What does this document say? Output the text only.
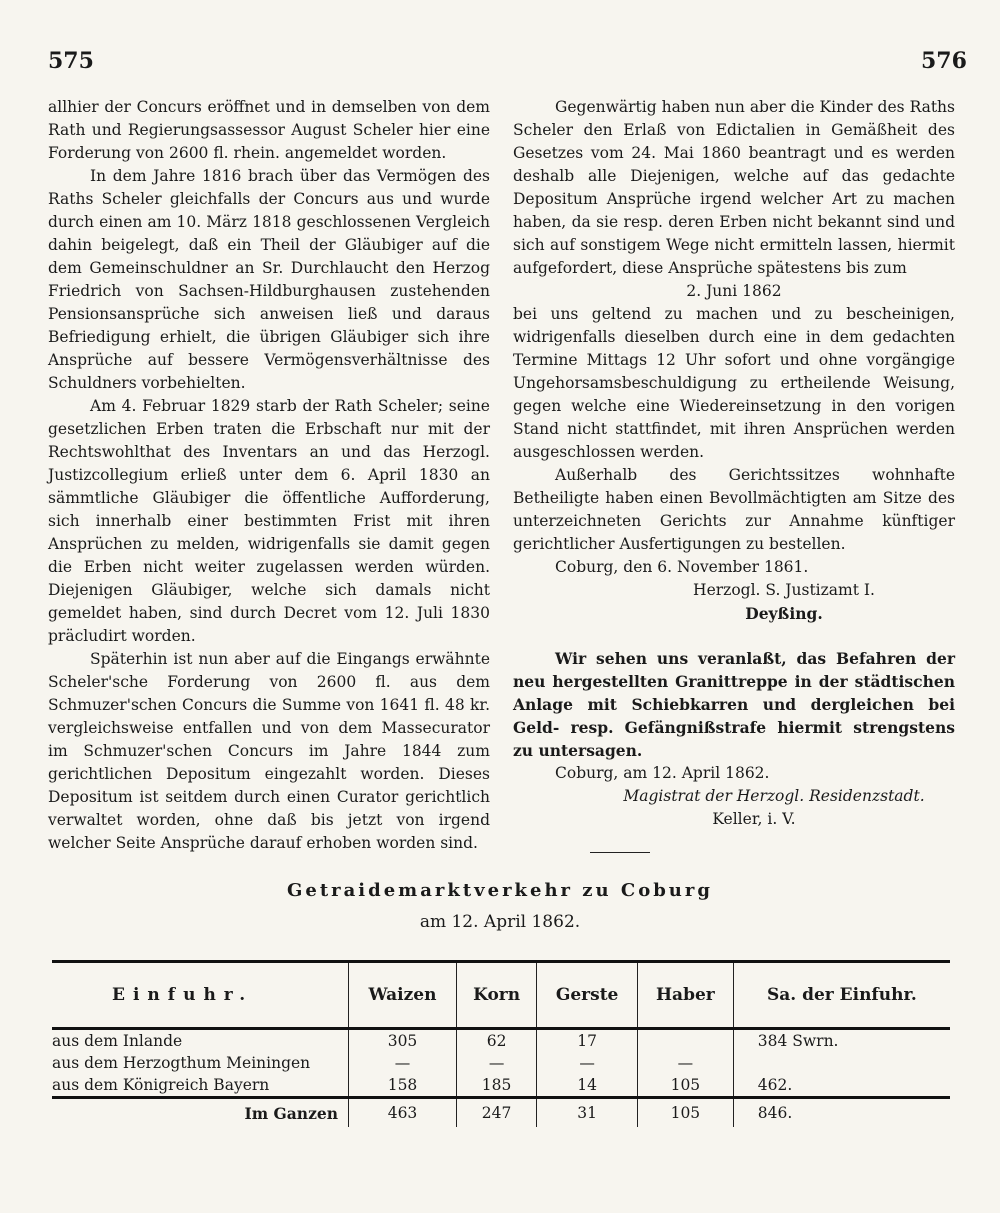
575	576

allhier der Concurs eröffnet und in demselben von dem Rath und Regierungsassessor August Scheler hier eine Forderung von 2600 fl. rhein. angemeldet worden.

In dem Jahre 1816 brach über das Vermögen des Raths Scheler gleichfalls der Concurs aus und wurde durch einen am 10. März 1818 geschlossenen Vergleich dahin beigelegt, daß ein Theil der Gläubiger auf die dem Gemeinschuldner an Sr. Durchlaucht den Herzog Friedrich von Sachsen-Hildburghausen zustehenden Pensionsansprüche sich anweisen ließ und daraus Befriedigung erhielt, die übrigen Gläubiger sich ihre Ansprüche auf bessere Vermögensverhältnisse des Schuldners vorbehielten.

Am 4. Februar 1829 starb der Rath Scheler; seine gesetzlichen Erben traten die Erbschaft nur mit der Rechtswohlthat des Inventars an und das Herzogl. Justizcollegium erließ unter dem 6. April 1830 an sämmtliche Gläubiger die öffentliche Aufforderung, sich innerhalb einer bestimmten Frist mit ihren Ansprüchen zu melden, widrigenfalls sie damit gegen die Erben nicht weiter zugelassen werden würden. Diejenigen Gläubiger, welche sich damals nicht gemeldet haben, sind durch Decret vom 12. Juli 1830 präcludirt worden.

Späterhin ist nun aber auf die Eingangs erwähnte Scheler'sche Forderung von 2600 fl. aus dem Schmuzer'schen Concurs die Summe von 1641 fl. 48 kr. vergleichsweise entfallen und von dem Massecurator im Schmuzer'schen Concurs im Jahre 1844 zum gerichtlichen Depositum eingezahlt worden. Dieses Depositum ist seitdem durch einen Curator gerichtlich verwaltet worden, ohne daß bis jetzt von irgend welcher Seite Ansprüche darauf erhoben worden sind.

Gegenwärtig haben nun aber die Kinder des Raths Scheler den Erlaß von Edictalien in Gemäßheit des Gesetzes vom 24. Mai 1860 beantragt und es werden deshalb alle Diejenigen, welche auf das gedachte Depositum Ansprüche irgend welcher Art zu machen haben, da sie resp. deren Erben nicht bekannt sind und sich auf sonstigem Wege nicht ermitteln lassen, hiermit aufgefordert, diese Ansprüche spätestens bis zum

2. Juni 1862

bei uns geltend zu machen und zu bescheinigen, widrigenfalls dieselben durch eine in dem gedachten Termine Mittags 12 Uhr sofort und ohne vorgängige Ungehorsamsbeschuldigung zu ertheilende Weisung, gegen welche eine Wiedereinsetzung in den vorigen Stand nicht stattfindet, mit ihren Ansprüchen werden ausgeschlossen werden.

Außerhalb des Gerichtssitzes wohnhafte Betheiligte haben einen Bevollmächtigten am Sitze des unterzeichneten Gerichts zur Annahme künftiger gerichtlicher Ausfertigungen zu bestellen.

Coburg, den 6. November 1861.

Herzogl. S. Justizamt I.

Deyßing.

Wir sehen uns veranlaßt, das Befahren der neu hergestellten Granittreppe in der städtischen Anlage mit Schiebkarren und dergleichen bei Geld- resp. Gefängnißstrafe hiermit strengstens zu untersagen.

Coburg, am 12. April 1862.

Magistrat der Herzogl. Residenzstadt.

Keller, i. V.

Getraidemarktverkehr zu Coburg
am 12. April 1862.
Einfuhr.	Waizen	Korn	Gerste	Haber	Sa. der Einfuhr.
aus dem Inlande	305	62	17		384 Swrn.
aus dem Herzogthum Meiningen	—	—	—	—	
aus dem Königreich Bayern	158	185	14	105	462.
Im Ganzen	463	247	31	105	846.
